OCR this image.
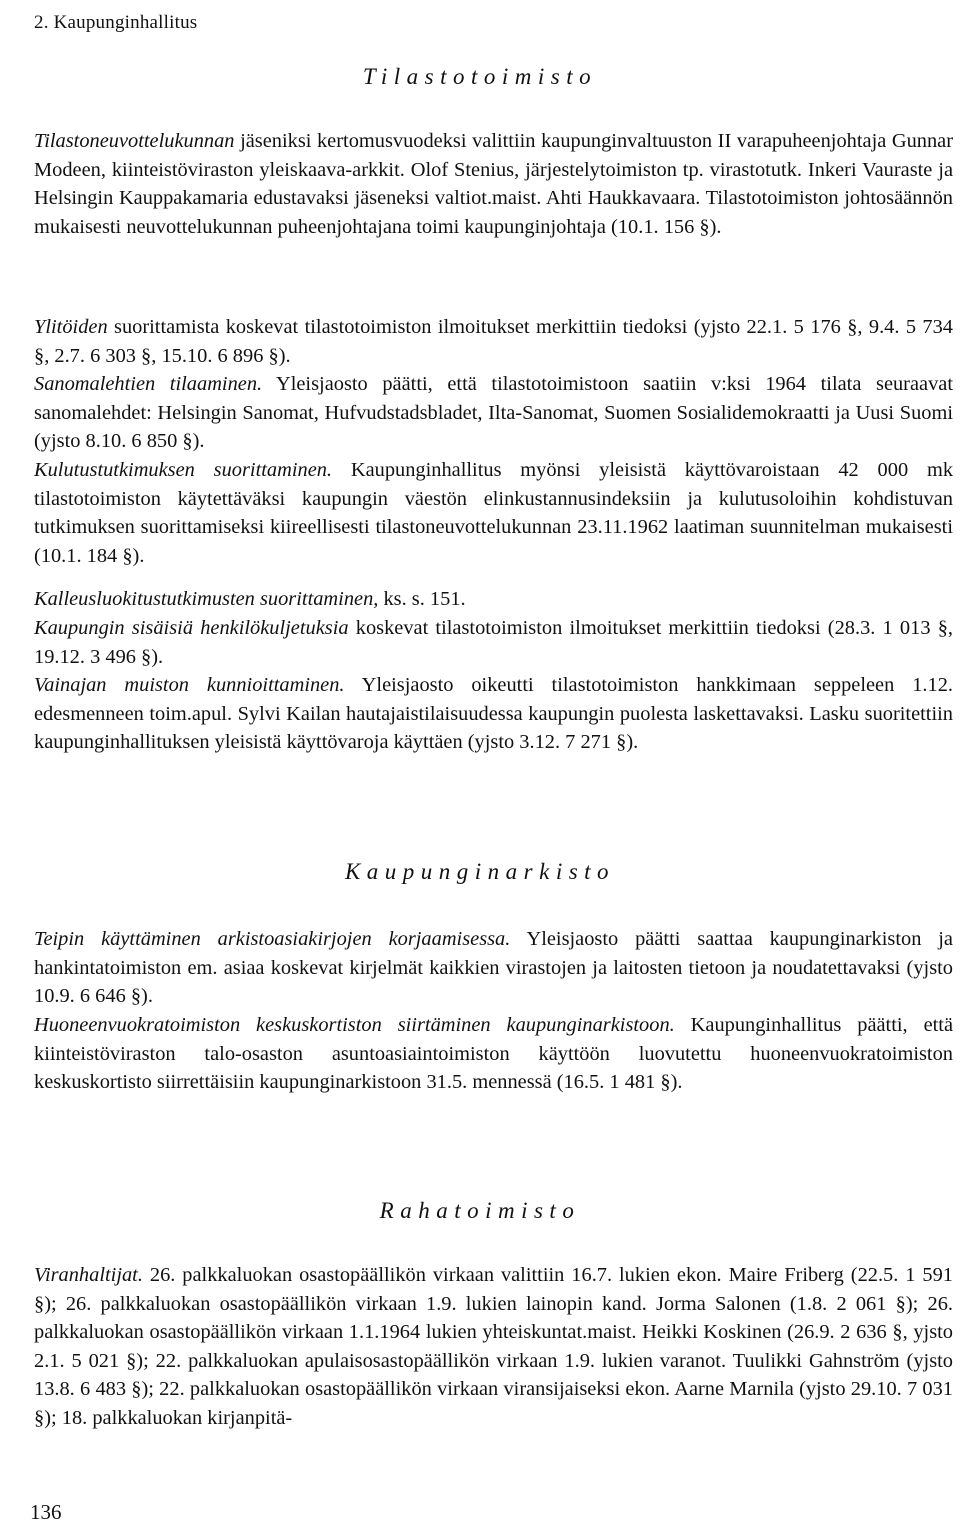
2. Kaupunginhallitus
Tilastotoimisto

Tilastoneuvottelukunnan jäseniksi kertomusvuodeksi valittiin kaupunginvaltuuston II varapuheenjohtaja Gunnar Modeen, kiinteistöviraston yleiskaava-arkkit. Olof Stenius, järjestelytoimiston tp. virastotutk. Inkeri Vauraste ja Helsingin Kauppakamaria edustavaksi jäseneksi valtiot.maist. Ahti Haukkavaara. Tilastotoimiston johtosäännön mukaisesti neuvottelukunnan puheenjohtajana toimi kaupunginjohtaja (10.1. 156 §).

Ylitöiden suorittamista koskevat tilastotoimiston ilmoitukset merkittiin tiedoksi (yjsto 22.1. 5 176 §, 9.4. 5 734 §, 2.7. 6 303 §, 15.10. 6 896 §).

Sanomalehtien tilaaminen. Yleisjaosto päätti, että tilastotoimistoon saatiin v:ksi 1964 tilata seuraavat sanomalehdet: Helsingin Sanomat, Hufvudstadsbladet, Ilta-Sanomat, Suomen Sosialidemokraatti ja Uusi Suomi (yjsto 8.10. 6 850 §).

Kulutustutkimuksen suorittaminen. Kaupunginhallitus myönsi yleisistä käyttövaroistaan 42 000 mk tilastotoimiston käytettäväksi kaupungin väestön elinkustannusindeksiin ja kulutusoloihin kohdistuvan tutkimuksen suorittamiseksi kiireellisesti tilastoneuvottelukunnan 23.11.1962 laatiman suunnitelman mukaisesti (10.1. 184 §).

Kalleusluokitustutkimusten suorittaminen, ks. s. 151.

Kaupungin sisäisiä henkilökuljetuksia koskevat tilastotoimiston ilmoitukset merkittiin tiedoksi (28.3. 1 013 §, 19.12. 3 496 §).

Vainajan muiston kunnioittaminen. Yleisjaosto oikeutti tilastotoimiston hankkimaan seppeleen 1.12. edesmenneen toim.apul. Sylvi Kailan hautajaistilaisuudessa kaupungin puolesta laskettavaksi. Lasku suoritettiin kaupunginhallituksen yleisistä käyttövaroja käyttäen (yjsto 3.12. 7 271 §).

Kaupunginarkisto

Teipin käyttäminen arkistoasiakirjojen korjaamisessa. Yleisjaosto päätti saattaa kaupunginarkiston ja hankintatoimiston em. asiaa koskevat kirjelmät kaikkien virastojen ja laitosten tietoon ja noudatettavaksi (yjsto 10.9. 6 646 §).

Huoneenvuokratoimiston keskuskortiston siirtäminen kaupunginarkistoon. Kaupunginhallitus päätti, että kiinteistöviraston talo-osaston asuntoasiaintoimiston käyttöön luovutettu huoneenvuokratoimiston keskuskortisto siirrettäisiin kaupunginarkistoon 31.5. mennessä (16.5. 1 481 §).

Rahatoimisto

Viranhaltijat. 26. palkkaluokan osastopäällikön virkaan valittiin 16.7. lukien ekon. Maire Friberg (22.5. 1 591 §); 26. palkkaluokan osastopäällikön virkaan 1.9. lukien lainopin kand. Jorma Salonen (1.8. 2 061 §); 26. palkkaluokan osastopäällikön virkaan 1.1.1964 lukien yhteiskuntat.maist. Heikki Koskinen (26.9. 2 636 §, yjsto 2.1. 5 021 §); 22. palkkaluokan apulaisosastopäällikön virkaan 1.9. lukien varanot. Tuulikki Gahnström (yjsto 13.8. 6 483 §); 22. palkkaluokan osastopäällikön virkaan viransijaiseksi ekon. Aarne Marnila (yjsto 29.10. 7 031 §); 18. palkkaluokan kirjanpitä-

136
